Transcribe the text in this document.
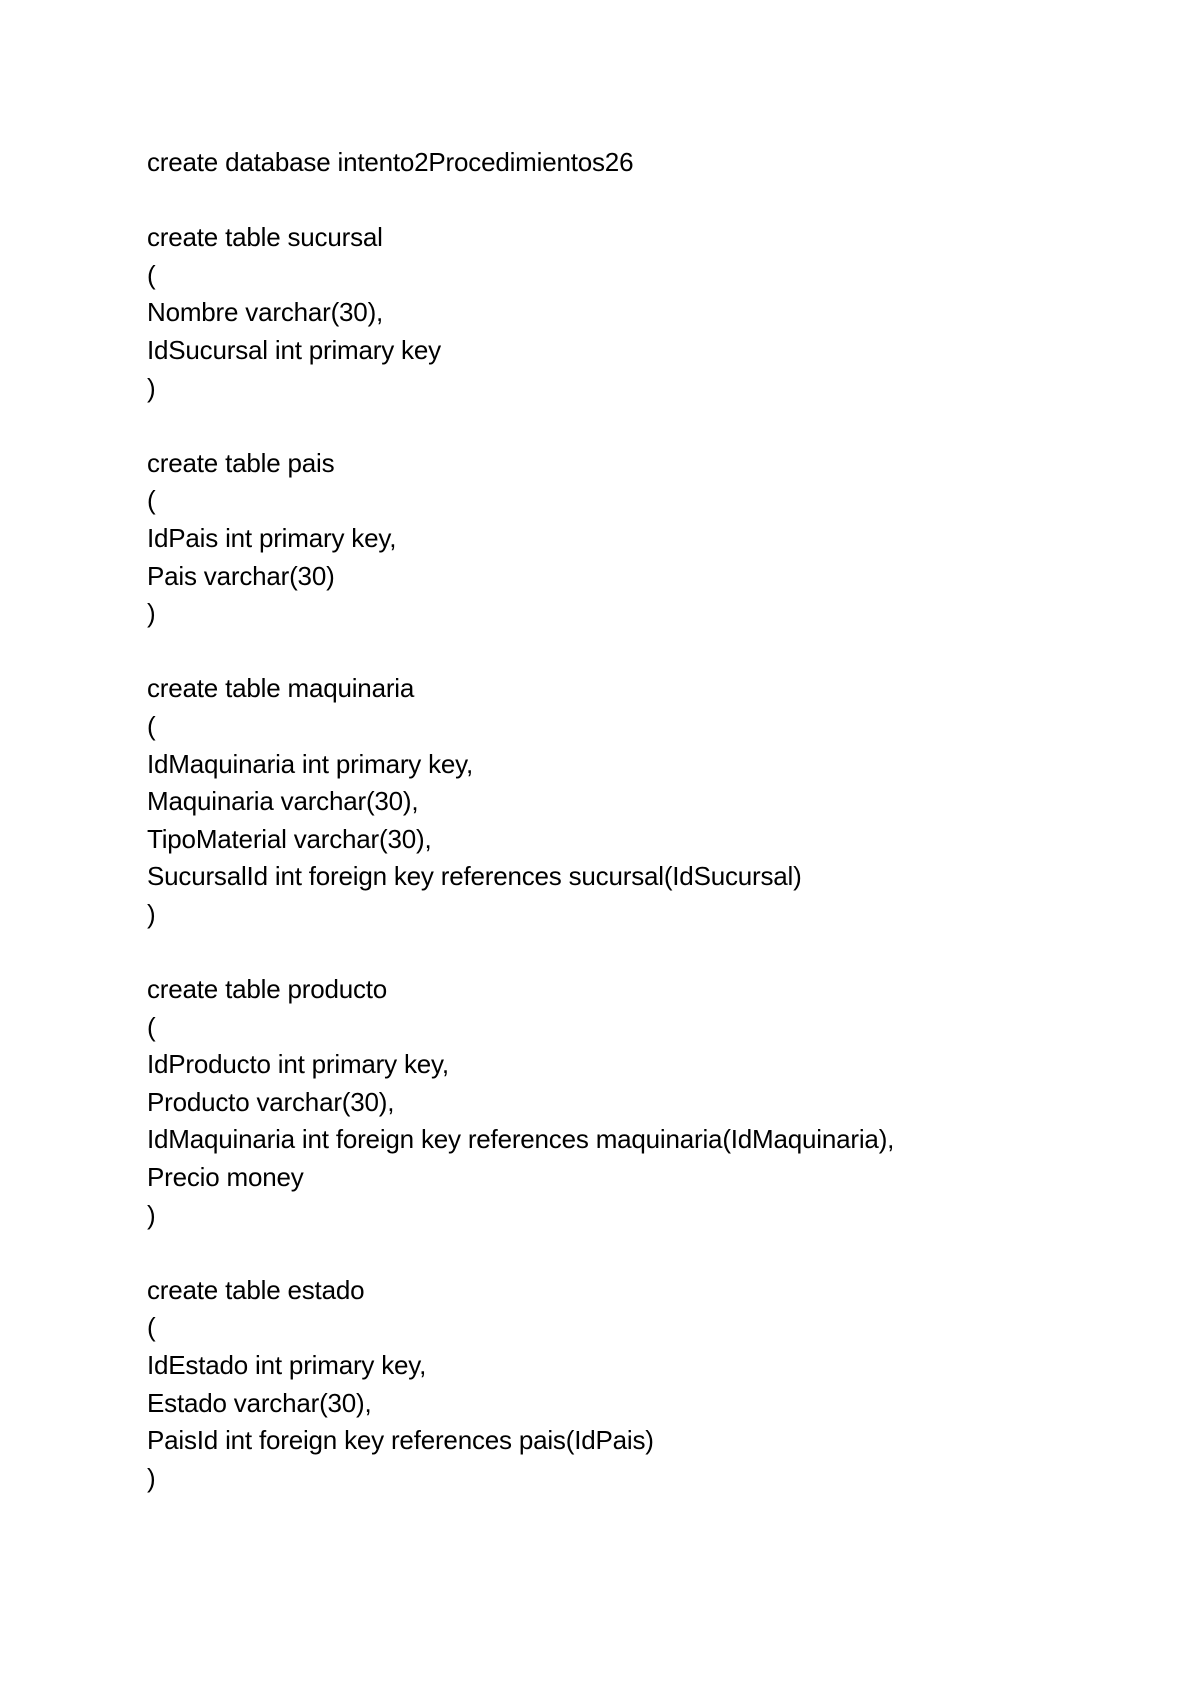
create database intento2Procedimientos26
create table sucursal
(
Nombre varchar(30),
IdSucursal int primary key
)
create table pais
(
IdPais int primary key,
Pais varchar(30)
)
create table maquinaria
(
IdMaquinaria int primary key,
Maquinaria varchar(30),
TipoMaterial varchar(30),
SucursalId int foreign key references sucursal(IdSucursal)
)
create table producto
(
IdProducto int primary key,
Producto varchar(30),
IdMaquinaria int foreign key references maquinaria(IdMaquinaria),
Precio money
)
create table estado
(
IdEstado int primary key,
Estado varchar(30),
PaisId int foreign key references pais(IdPais)
)
